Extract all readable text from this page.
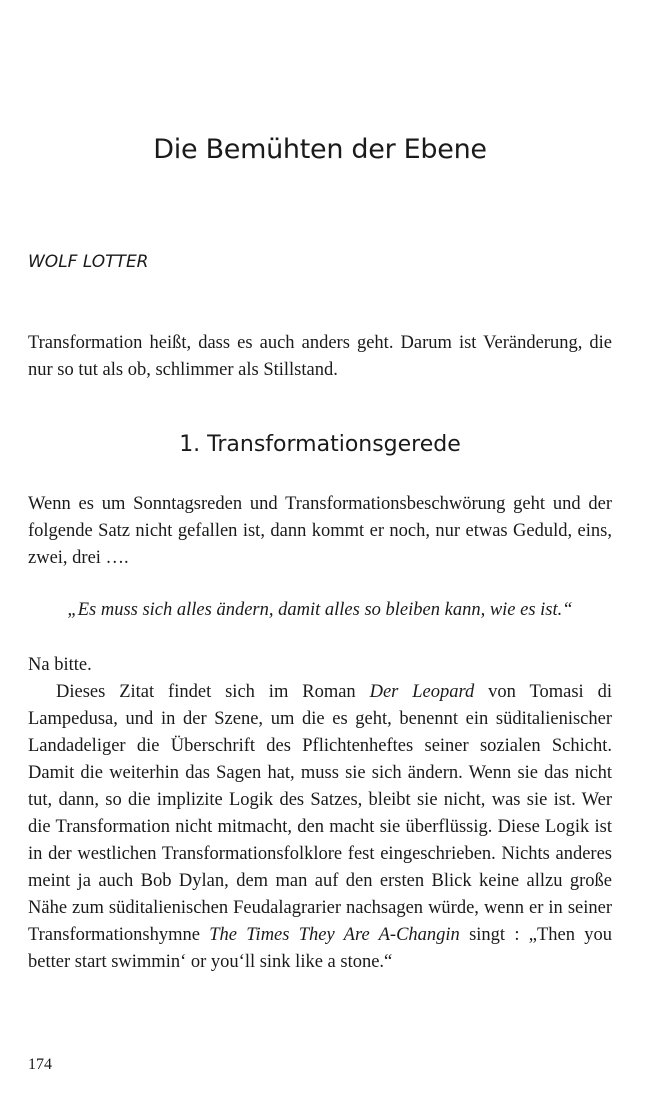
Die Bemühten der Ebene

WOLF LOTTER

Transformation heißt, dass es auch anders geht. Darum ist Veränderung, die nur so tut als ob, schlimmer als Stillstand.

1. Transformationsgerede

Wenn es um Sonntagsreden und Transformationsbeschwörung geht und der folgende Satz nicht gefallen ist, dann kommt er noch, nur etwas Geduld, eins, zwei, drei ….

„Es muss sich alles ändern, damit alles so bleiben kann, wie es ist.“

Na bitte.

Dieses Zitat findet sich im Roman Der Leopard von Tomasi di Lampedusa, und in der Szene, um die es geht, benennt ein süditalienischer Landadeliger die Überschrift des Pflichtenheftes seiner sozialen Schicht. Damit die weiterhin das Sagen hat, muss sie sich ändern. Wenn sie das nicht tut, dann, so die implizite Logik des Satzes, bleibt sie nicht, was sie ist. Wer die Transformation nicht mitmacht, den macht sie überflüssig. Diese Logik ist in der westlichen Transformationsfolklore fest eingeschrieben. Nichts anderes meint ja auch Bob Dylan, dem man auf den ersten Blick keine allzu große Nähe zum süditalienischen Feudalagrarier nachsagen würde, wenn er in seiner Transformationshymne The Times They Are A-Changin singt : „Then you better start swimmin‘ or you‘ll sink like a stone.“

174
